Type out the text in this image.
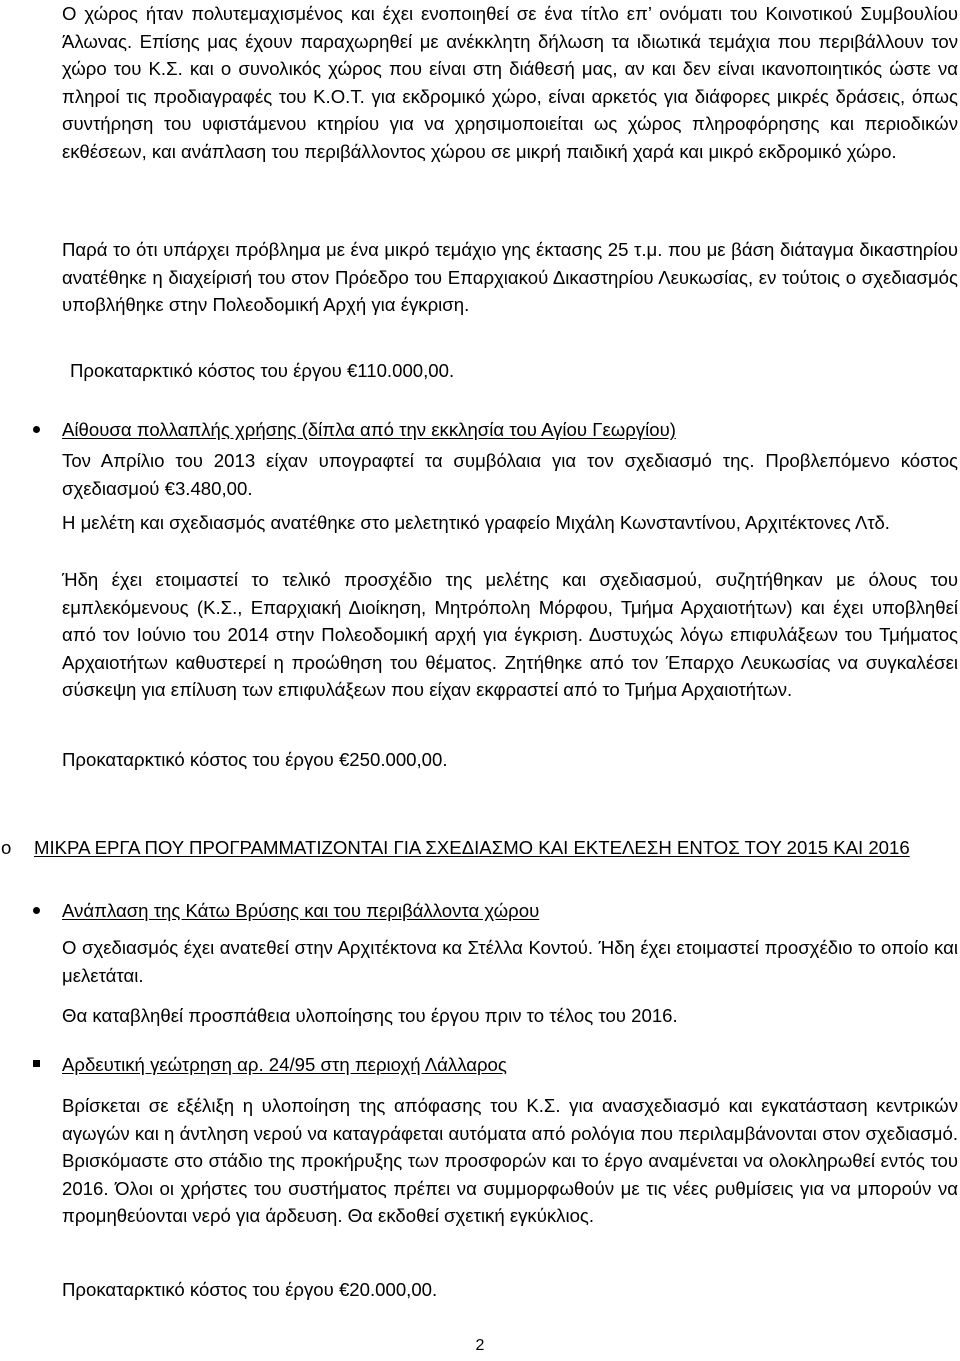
Ο χώρος ήταν πολυτεμαχισμένος και έχει ενοποιηθεί σε ένα τίτλο επ’ ονόματι του Κοινοτικού Συμβουλίου Άλωνας. Επίσης μας έχουν παραχωρηθεί με ανέκκλητη δήλωση τα ιδιωτικά τεμάχια που περιβάλλουν τον χώρο του Κ.Σ. και ο συνολικός χώρος που είναι στη διάθεσή μας, αν και δεν είναι ικανοποιητικός ώστε να πληροί τις προδιαγραφές του Κ.Ο.Τ. για εκδρομικό χώρο, είναι αρκετός για διάφορες μικρές δράσεις, όπως συντήρηση του υφιστάμενου κτηρίου για να χρησιμοποιείται ως χώρος πληροφόρησης και περιοδικών εκθέσεων, και ανάπλαση του περιβάλλοντος χώρου σε μικρή παιδική χαρά και μικρό εκδρομικό χώρο.

Παρά το ότι υπάρχει πρόβλημα με ένα μικρό τεμάχιο γης έκτασης 25 τ.μ. που με βάση διάταγμα δικαστηρίου ανατέθηκε η διαχείρισή του στον Πρόεδρο του Επαρχιακού Δικαστηρίου Λευκωσίας, εν τούτοις ο σχεδιασμός υποβλήθηκε στην Πολεοδομική Αρχή για έγκριση.

Προκαταρκτικό κόστος του έργου €110.000,00.

Αίθουσα πολλαπλής χρήσης (δίπλα από την εκκλησία του Αγίου Γεωργίου)

Τον Απρίλιο του 2013 είχαν υπογραφτεί τα συμβόλαια για τον σχεδιασμό της. Προβλεπόμενο κόστος σχεδιασμού €3.480,00.

Η μελέτη και σχεδιασμός ανατέθηκε στο μελετητικό γραφείο Μιχάλη Κωνσταντίνου, Αρχιτέκτονες Λτδ.

Ήδη έχει ετοιμαστεί το τελικό προσχέδιο της μελέτης και σχεδιασμού, συζητήθηκαν με όλους του εμπλεκόμενους (Κ.Σ., Επαρχιακή Διοίκηση, Μητρόπολη Μόρφου, Τμήμα Αρχαιοτήτων) και έχει υποβληθεί από τον Ιούνιο του 2014 στην Πολεοδομική αρχή για έγκριση. Δυστυχώς λόγω επιφυλάξεων του Τμήματος Αρχαιοτήτων καθυστερεί η προώθηση του θέματος. Ζητήθηκε από τον Έπαρχο Λευκωσίας να συγκαλέσει σύσκεψη για επίλυση των επιφυλάξεων που είχαν εκφραστεί από το Τμήμα Αρχαιοτήτων.

Προκαταρκτικό κόστος του έργου €250.000,00.

o ΜΙΚΡΑ ΕΡΓΑ ΠΟΥ ΠΡΟΓΡΑΜΜΑΤΙΖΟΝΤΑΙ ΓΙΑ ΣΧΕΔΙΑΣΜΟ ΚΑΙ ΕΚΤΕΛΕΣΗ ΕΝΤΟΣ ΤΟΥ 2015 ΚΑΙ 2016

Ανάπλαση της Κάτω Βρύσης και του περιβάλλοντα χώρου

Ο σχεδιασμός έχει ανατεθεί στην Αρχιτέκτονα κα Στέλλα Κοντού. Ήδη έχει ετοιμαστεί προσχέδιο το οποίο και μελετάται.

Θα καταβληθεί προσπάθεια υλοποίησης του έργου πριν το τέλος του 2016.

Αρδευτική γεώτρηση αρ. 24/95 στη περιοχή Λάλλαρος

Βρίσκεται σε εξέλιξη η υλοποίηση της απόφασης του Κ.Σ. για ανασχεδιασμό και εγκατάσταση κεντρικών αγωγών και η άντληση νερού να καταγράφεται αυτόματα από ρολόγια που περιλαμβάνονται στον σχεδιασμό. Βρισκόμαστε στο στάδιο της προκήρυξης των προσφορών και το έργο αναμένεται να ολοκληρωθεί εντός του 2016. Όλοι οι χρήστες του συστήματος πρέπει να συμμορφωθούν με τις νέες ρυθμίσεις για να μπορούν να προμηθεύονται νερό για άρδευση. Θα εκδοθεί σχετική εγκύκλιος.

Προκαταρκτικό κόστος του έργου €20.000,00.

2
